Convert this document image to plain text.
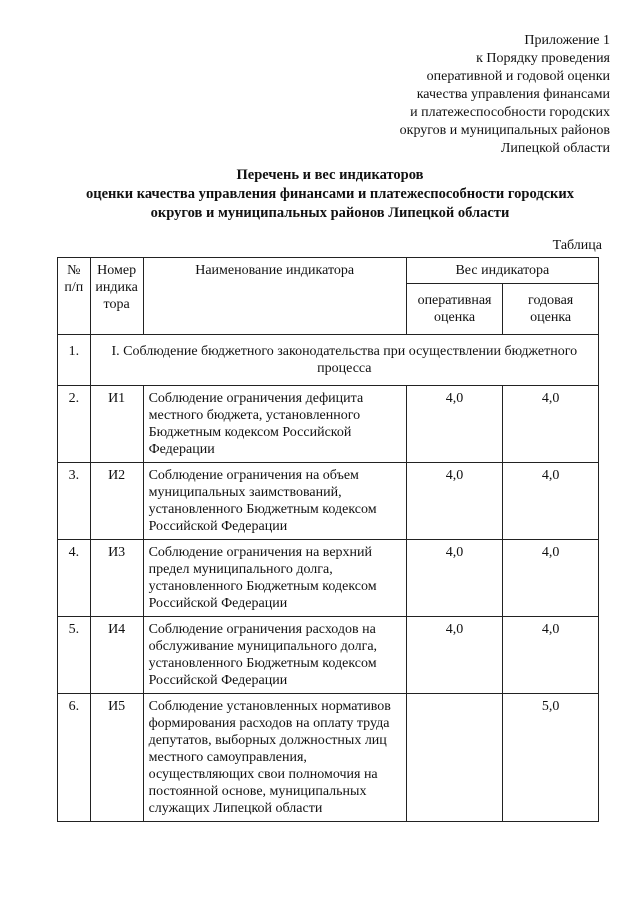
Приложение 1
к Порядку проведения
оперативной и годовой оценки
качества управления финансами
и платежеспособности городских
округов и муниципальных районов
Липецкой области
Перечень и вес индикаторов
оценки качества управления финансами и платежеспособности городских
округов и муниципальных районов Липецкой области
Таблица
№ п/п	Номер индика тора	Наименование индикатора	Вес индикатора	
			оперативная оценка	годовая оценка
1.	I. Соблюдение бюджетного законодательства при осуществлении бюджетного процесса			
2.	И1	Соблюдение ограничения дефицита местного бюджета, установленного Бюджетным кодексом Российской Федерации	4,0	4,0
3.	И2	Соблюдение ограничения на объем муниципальных заимствований, установленного Бюджетным кодексом Российской Федерации	4,0	4,0
4.	И3	Соблюдение ограничения на верхний предел муниципального долга, установленного Бюджетным кодексом Российской Федерации	4,0	4,0
5.	И4	Соблюдение ограничения расходов на обслуживание муниципального долга, установленного Бюджетным кодексом Российской Федерации	4,0	4,0
6.	И5	Соблюдение установленных нормативов формирования расходов на оплату труда депутатов, выборных должностных лиц местного самоуправления, осуществляющих свои полномочия на постоянной основе, муниципальных служащих Липецкой области		5,0
